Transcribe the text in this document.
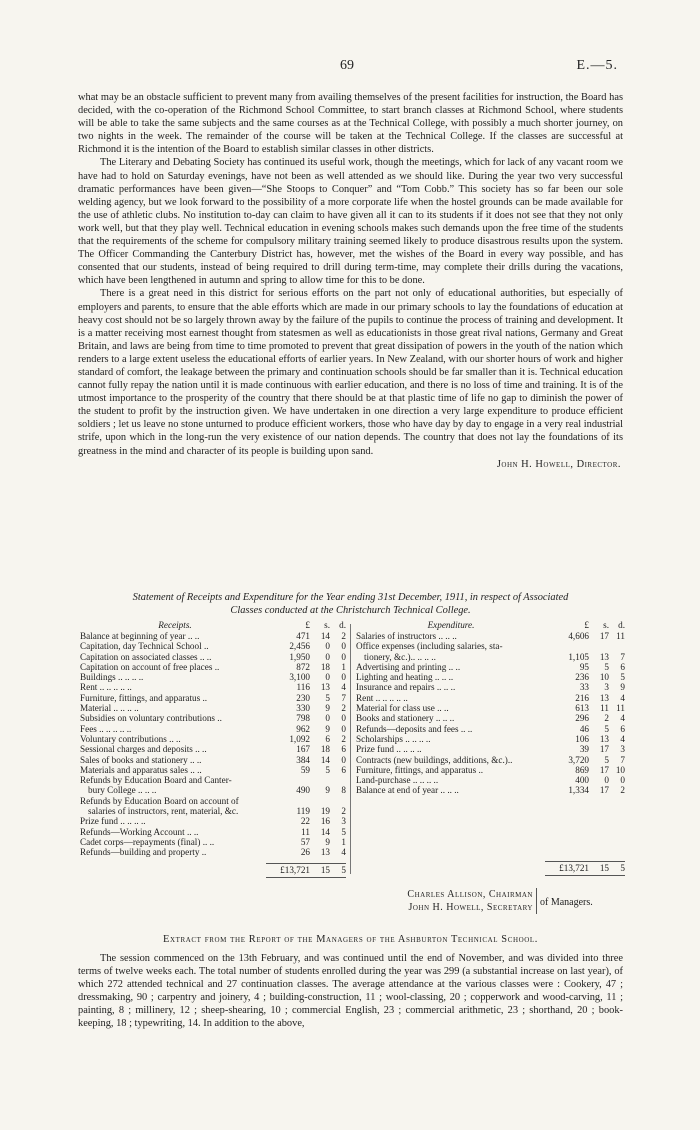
69	E.—5.

what may be an obstacle sufficient to prevent many from availing themselves of the present facilities for instruction, the Board has decided, with the co-operation of the Richmond School Committee, to start branch classes at Richmond School, where students will be able to take the same subjects and the same courses as at the Technical College, with possibly a much shorter journey, on two nights in the week. The remainder of the course will be taken at the Technical College. If the classes are successful at Richmond it is the intention of the Board to establish similar classes in other districts.

The Literary and Debating Society has continued its useful work, though the meetings, which for lack of any vacant room we have had to hold on Saturday evenings, have not been as well attended as we should like. During the year two very successful dramatic performances have been given—“She Stoops to Conquer” and “Tom Cobb.” This society has so far been our sole welding agency, but we look forward to the possibility of a more corporate life when the hostel grounds can be made available for the use of athletic clubs. No institution to-day can claim to have given all it can to its students if it does not see that they not only work well, but that they play well. Technical education in evening schools makes such demands upon the free time of the students that the requirements of the scheme for compulsory military training seemed likely to produce disastrous results upon the system. The Officer Commanding the Canterbury District has, however, met the wishes of the Board in every way possible, and has consented that our students, instead of being required to drill during term-time, may complete their drills during the vacations, which have been lengthened in autumn and spring to allow time for this to be done.

There is a great need in this district for serious efforts on the part not only of educational authorities, but especially of employers and parents, to ensure that the able efforts which are made in our primary schools to lay the foundations of education at heavy cost should not be so largely thrown away by the failure of the pupils to continue the process of training and development. It is a matter receiving most earnest thought from statesmen as well as educationists in those great rival nations, Germany and Great Britain, and laws are being from time to time promoted to prevent that great dissipation of powers in the youth of the nation which renders to a large extent useless the educational efforts of earlier years. In New Zealand, with our shorter hours of work and higher standard of comfort, the leakage between the primary and continuation schools should be far smaller than it is. Technical education cannot fully repay the nation until it is made continuous with earlier education, and there is no loss of time and training. It is of the utmost importance to the prosperity of the country that there should be at that plastic time of life no gap to diminish the power of the student to profit by the instruction given. We have undertaken in one direction a very large expenditure to produce efficient soldiers ; let us leave no stone unturned to produce efficient workers, those who have day by day to engage in a very real industrial strife, upon which in the long-run the very existence of our nation depends. The country that does not lay the foundations of its greatness in the mind and character of its people is building upon sand.

John H. Howell, Director.
Statement of Receipts and Expenditure for the Year ending 31st December, 1911, in respect of Associated
Classes conducted at the Christchurch Technical College.
Receipts.	£	s. d.
Balance at beginning of year .. ..	471	14	2
Capitation, day Technical School ..	2,456	0	0
Capitation on associated classes .. ..	1,950	0	0
Capitation on account of free places ..	872	18	1
Buildings .. .. .. ..	3,100	0	0
Rent .. .. .. .. ..	116	13	4
Furniture, fittings, and apparatus ..	230	5	7
Material .. .. .. ..	330	9	2
Subsidies on voluntary contributions ..	798	0	0
Fees .. .. .. .. ..	962	9	0
Voluntary contributions .. ..	1,092	6	2
Sessional charges and deposits .. ..	167	18	6
Sales of books and stationery .. ..	384	14	0
Materials and apparatus sales .. ..	59	5	6
Refunds by Education Board and Canter-
bury College .. .. ..	490	9	8
Refunds by Education Board on account of
salaries of instructors, rent, material, &c.	119	19	2
Prize fund .. .. .. ..	22	16	3
Refunds—Working Account .. ..	11	14	5
Cadet corps—repayments (final) .. ..	57	9	1
Refunds—building and property ..	26	13	4
£13,721	15	5
Expenditure.	£	s. d.
Salaries of instructors .. .. ..	4,606	17 11
Office expenses (including salaries, sta-
tionery, &c.).. .. .. ..	1,105	13	7
Advertising and printing .. ..	95	5	6
Lighting and heating .. .. ..	236	10	5
Insurance and repairs .. .. ..	33	3	9
Rent .. .. .. .. ..	216	13	4
Material for class use .. ..	613	11 11
Books and stationery .. .. ..	296	2	4
Refunds—deposits and fees .. ..	46	5	6
Scholarships .. .. .. ..	106	13	4
Prize fund .. .. .. ..	39	17	3
Contracts (new buildings, additions, &c.)..	3,720	5	7
Furniture, fittings, and apparatus ..	869	17 10
Land-purchase .. .. .. ..	400	0	0
Balance at end of year .. .. ..	1,334	17	2
£13,721	15	5
Charles Allison, Chairman
John H. Howell, Secretary of Managers.
Extract from the Report of the Managers of the Ashburton Technical School.

The session commenced on the 13th February, and was continued until the end of November, and was divided into three terms of twelve weeks each. The total number of students enrolled during the year was 299 (a substantial increase on last year), of which 272 attended technical and 27 continuation classes. The average attendance at the various classes were : Cookery, 47 ; dressmaking, 90 ; carpentry and joinery, 4 ; building-construction, 11 ; wool-classing, 20 ; copperwork and wood-carving, 11 ; painting, 8 ; millinery, 12 ; sheep-shearing, 10 ; commercial English, 23 ; commercial arithmetic, 23 ; shorthand, 20 ; book-keeping, 18 ; typewriting, 14. In addition to the above,
